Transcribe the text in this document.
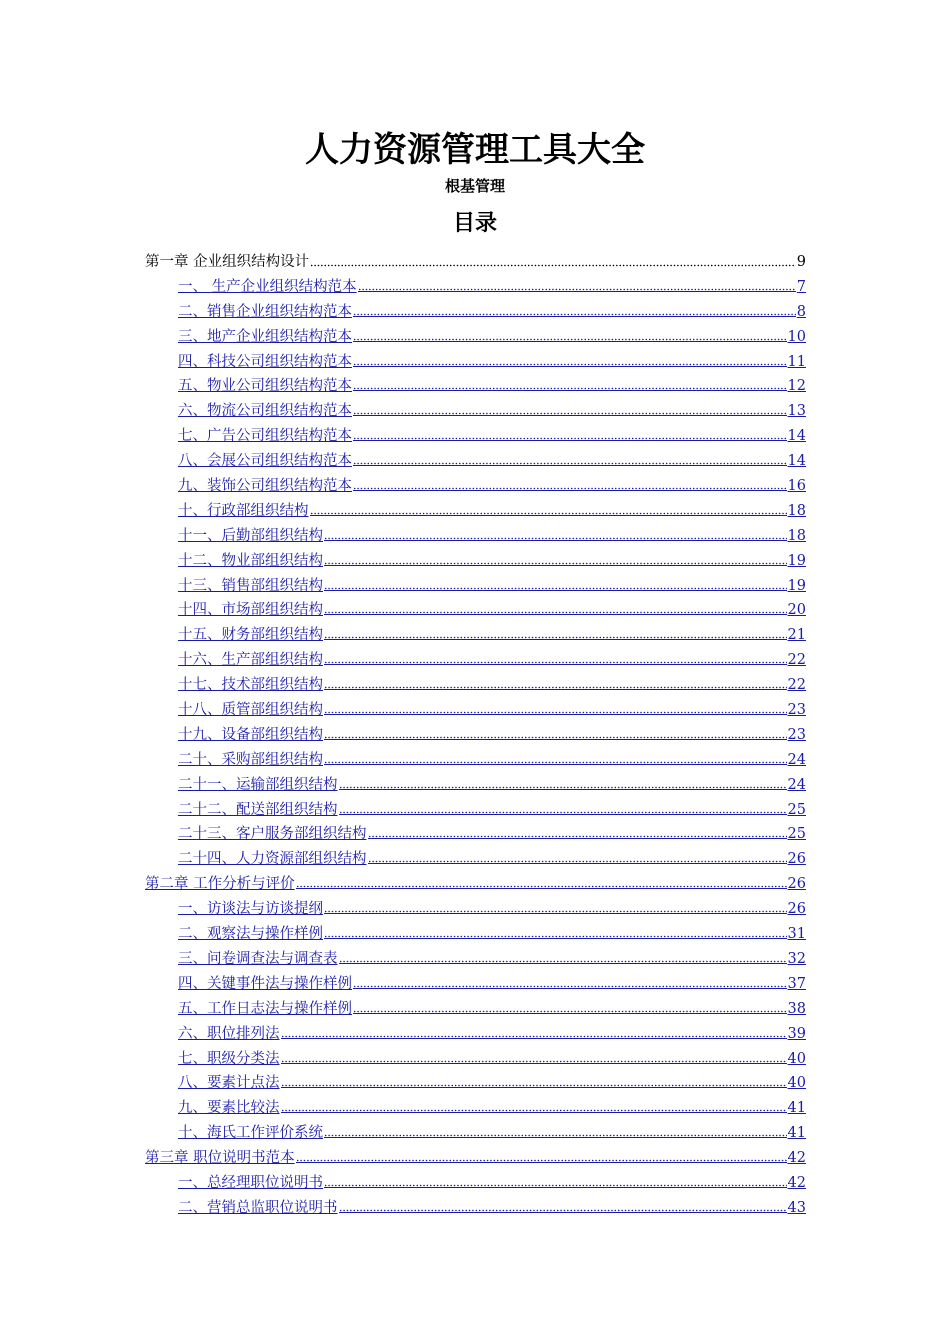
人力资源管理工具大全
根基管理
目录
第一章 企业组织结构设计	9
一、 生产企业组织结构范本	7
二、销售企业组织结构范本	8
三、地产企业组织结构范本	10
四、科技公司组织结构范本	11
五、物业公司组织结构范本	12
六、物流公司组织结构范本	13
七、广告公司组织结构范本	14
八、会展公司组织结构范本	14
九、装饰公司组织结构范本	16
十、行政部组织结构	18
十一、后勤部组织结构	18
十二、物业部组织结构	19
十三、销售部组织结构	19
十四、市场部组织结构	20
十五、财务部组织结构	21
十六、生产部组织结构	22
十七、技术部组织结构	22
十八、质管部组织结构	23
十九、设备部组织结构	23
二十、采购部组织结构	24
二十一、运输部组织结构	24
二十二、配送部组织结构	25
二十三、客户服务部组织结构	25
二十四、人力资源部组织结构	26
第二章 工作分析与评价	26
一、访谈法与访谈提纲	26
二、观察法与操作样例	31
三、问卷调查法与调查表	32
四、关键事件法与操作样例	37
五、工作日志法与操作样例	38
六、职位排列法	39
七、职级分类法	40
八、要素计点法	40
九、要素比较法	41
十、海氏工作评价系统	41
第三章 职位说明书范本	42
一、总经理职位说明书	42
二、营销总监职位说明书	43
